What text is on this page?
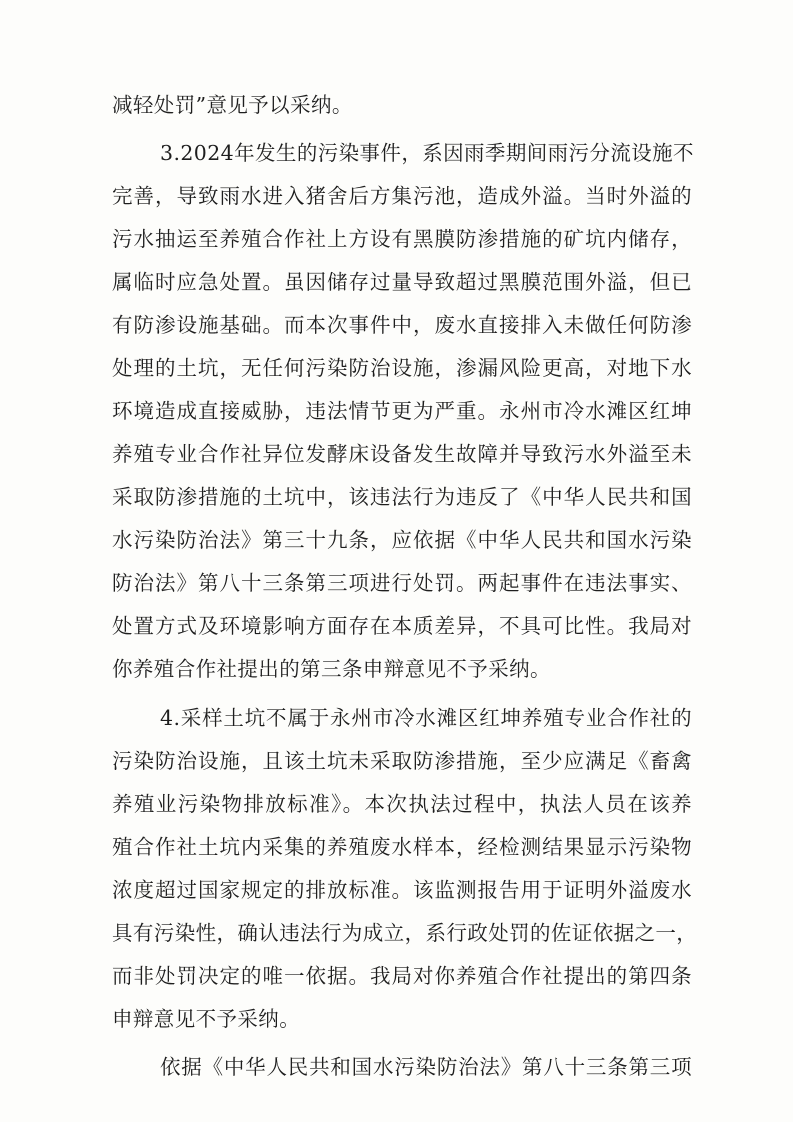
减轻处罚”意见予以采纳。
3.2024年发生的污染事件，系因雨季期间雨污分流设施不
完善，导致雨水进入猪舍后方集污池，造成外溢。当时外溢的
污水抽运至养殖合作社上方设有黑膜防渗措施的矿坑内储存，
属临时应急处置。虽因储存过量导致超过黑膜范围外溢，但已
有防渗设施基础。而本次事件中，废水直接排入未做任何防渗
处理的土坑，无任何污染防治设施，渗漏风险更高，对地下水
环境造成直接威胁，违法情节更为严重。永州市冷水滩区红坤
养殖专业合作社异位发酵床设备发生故障并导致污水外溢至未
采取防渗措施的土坑中，该违法行为违反了《中华人民共和国
水污染防治法》第三十九条，应依据《中华人民共和国水污染
防治法》第八十三条第三项进行处罚。两起事件在违法事实、
处置方式及环境影响方面存在本质差异，不具可比性。我局对
你养殖合作社提出的第三条申辩意见不予采纳。
4.采样土坑不属于永州市冷水滩区红坤养殖专业合作社的
污染防治设施，且该土坑未采取防渗措施，至少应满足《畜禽
养殖业污染物排放标准》。本次执法过程中，执法人员在该养
殖合作社土坑内采集的养殖废水样本，经检测结果显示污染物
浓度超过国家规定的排放标准。该监测报告用于证明外溢废水
具有污染性，确认违法行为成立，系行政处罚的佐证依据之一，
而非处罚决定的唯一依据。我局对你养殖合作社提出的第四条
申辩意见不予采纳。
依据《中华人民共和国水污染防治法》第八十三条第三项
